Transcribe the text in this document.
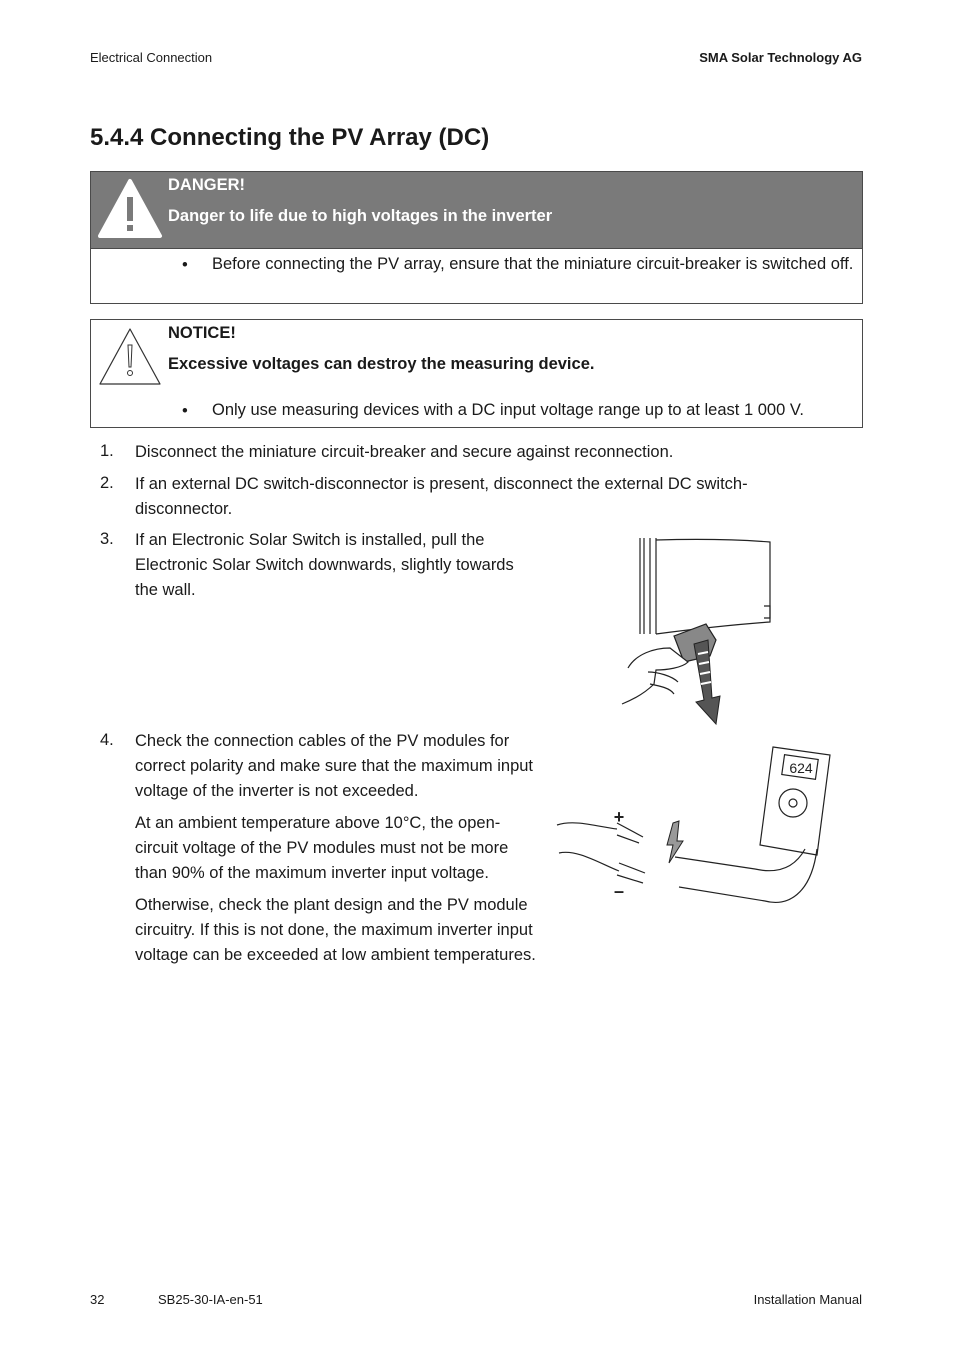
Electrical Connection	SMA Solar Technology AG
5.4.4 Connecting the PV Array (DC)
DANGER!
Danger to life due to high voltages in the inverter
• Before connecting the PV array, ensure that the miniature circuit-breaker is switched off.
NOTICE!
Excessive voltages can destroy the measuring device.
• Only use measuring devices with a DC input voltage range up to at least 1 000 V.
1. Disconnect the miniature circuit-breaker and secure against reconnection.
2. If an external DC switch-disconnector is present, disconnect the external DC switch-disconnector.
3. If an Electronic Solar Switch is installed, pull the Electronic Solar Switch downwards, slightly towards the wall.
4. Check the connection cables of the PV modules for correct polarity and make sure that the maximum input voltage of the inverter is not exceeded.
At an ambient temperature above 10°C, the open-circuit voltage of the PV modules must not be more than 90% of the maximum inverter input voltage.
Otherwise, check the plant design and the PV module circuitry. If this is not done, the maximum inverter input voltage can be exceeded at low ambient temperatures.
624
+
–
32	SB25-30-IA-en-51	Installation Manual
